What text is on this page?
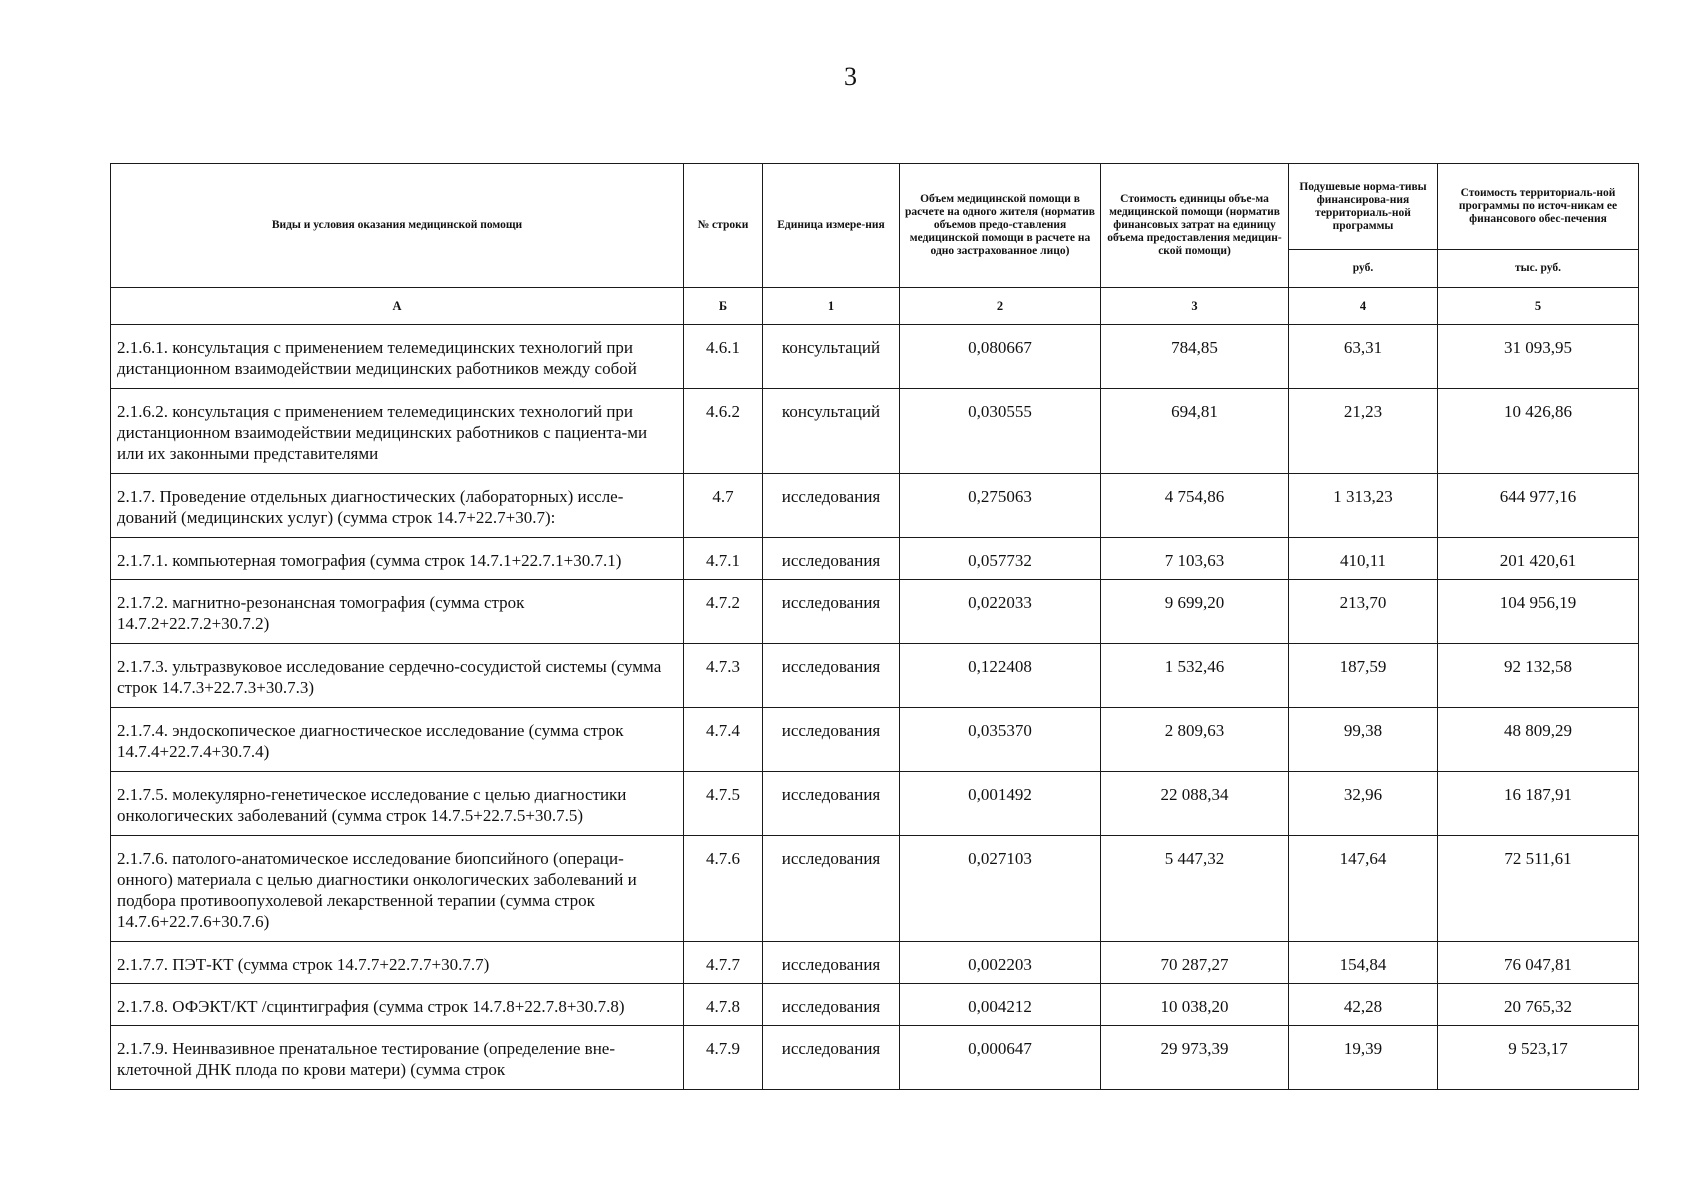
3
Виды и условия оказания медицинской помощи	№ строки	Единица измере-ния	Объем медицинской помощи в расчете на одного жителя (норматив объемов предо-ставления медицинской помощи в расчете на одно застрахованное лицо)	Стоимость единицы объе-ма медицинской помощи (норматив финансовых затрат на единицу объема предоставления медицин-ской помощи)	Подушевые норма-тивы финансирова-ния территориаль-ной программы	Стоимость территориаль-ной программы по источ-никам ее финансового обес-печения
					руб.	тыс. руб.
А	Б	1	2	3	4	5
2.1.6.1. консультация с применением телемедицинских технологий при дистанционном взаимодействии медицинских работников между собой	4.6.1	консультаций	0,080667	784,85	63,31	31 093,95
2.1.6.2. консультация с применением телемедицинских технологий при дистанционном взаимодействии медицинских работников с пациента-ми или их законными представителями	4.6.2	консультаций	0,030555	694,81	21,23	10 426,86
2.1.7. Проведение отдельных диагностических (лабораторных) иссле-дований (медицинских услуг) (сумма строк 14.7+22.7+30.7):	4.7	исследования	0,275063	4 754,86	1 313,23	644 977,16
2.1.7.1. компьютерная томография (сумма строк 14.7.1+22.7.1+30.7.1)	4.7.1	исследования	0,057732	7 103,63	410,11	201 420,61
2.1.7.2. магнитно-резонансная томография (сумма строк 14.7.2+22.7.2+30.7.2)	4.7.2	исследования	0,022033	9 699,20	213,70	104 956,19
2.1.7.3. ультразвуковое исследование сердечно-сосудистой системы (сумма строк 14.7.3+22.7.3+30.7.3)	4.7.3	исследования	0,122408	1 532,46	187,59	92 132,58
2.1.7.4. эндоскопическое диагностическое исследование (сумма строк 14.7.4+22.7.4+30.7.4)	4.7.4	исследования	0,035370	2 809,63	99,38	48 809,29
2.1.7.5. молекулярно-генетическое исследование с целью диагностики онкологических заболеваний (сумма строк 14.7.5+22.7.5+30.7.5)	4.7.5	исследования	0,001492	22 088,34	32,96	16 187,91
2.1.7.6. патолого-анатомическое исследование биопсийного (операци-онного) материала с целью диагностики онкологических заболеваний и подбора противоопухолевой лекарственной терапии (сумма строк 14.7.6+22.7.6+30.7.6)	4.7.6	исследования	0,027103	5 447,32	147,64	72 511,61
2.1.7.7. ПЭТ-КТ (сумма строк 14.7.7+22.7.7+30.7.7)	4.7.7	исследования	0,002203	70 287,27	154,84	76 047,81
2.1.7.8. ОФЭКТ/КТ /сцинтиграфия (сумма строк 14.7.8+22.7.8+30.7.8)	4.7.8	исследования	0,004212	10 038,20	42,28	20 765,32
2.1.7.9. Неинвазивное пренатальное тестирование (определение вне-клеточной ДНК плода по крови матери) (сумма строк	4.7.9	исследования	0,000647	29 973,39	19,39	9 523,17
